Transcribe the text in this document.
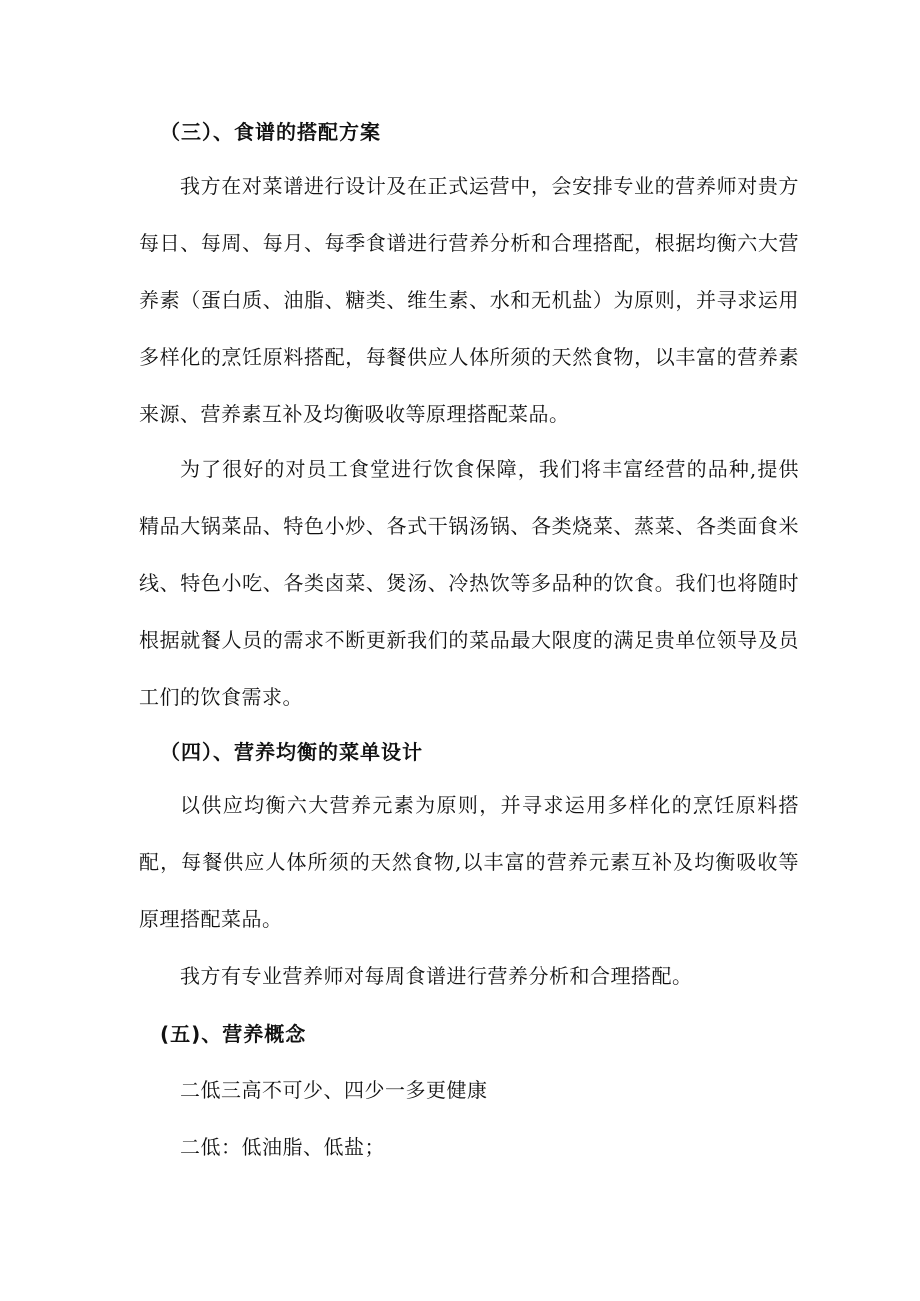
（三）、食谱的搭配方案
我方在对菜谱进行设计及在正式运营中，会安排专业的营养师对贵方每日、每周、每月、每季食谱进行营养分析和合理搭配，根据均衡六大营养素（蛋白质、油脂、糖类、维生素、水和无机盐）为原则，并寻求运用多样化的烹饪原料搭配，每餐供应人体所须的天然食物，以丰富的营养素来源、营养素互补及均衡吸收等原理搭配菜品。
为了很好的对员工食堂进行饮食保障，我们将丰富经营的品种,提供精品大锅菜品、特色小炒、各式干锅汤锅、各类烧菜、蒸菜、各类面食米线、特色小吃、各类卤菜、煲汤、冷热饮等多品种的饮食。我们也将随时根据就餐人员的需求不断更新我们的菜品最大限度的满足贵单位领导及员工们的饮食需求。
（四）、营养均衡的菜单设计
以供应均衡六大营养元素为原则，并寻求运用多样化的烹饪原料搭配，每餐供应人体所须的天然食物,以丰富的营养元素互补及均衡吸收等原理搭配菜品。
我方有专业营养师对每周食谱进行营养分析和合理搭配。
(五)、营养概念
二低三高不可少、四少一多更健康
二低：低油脂、低盐；
